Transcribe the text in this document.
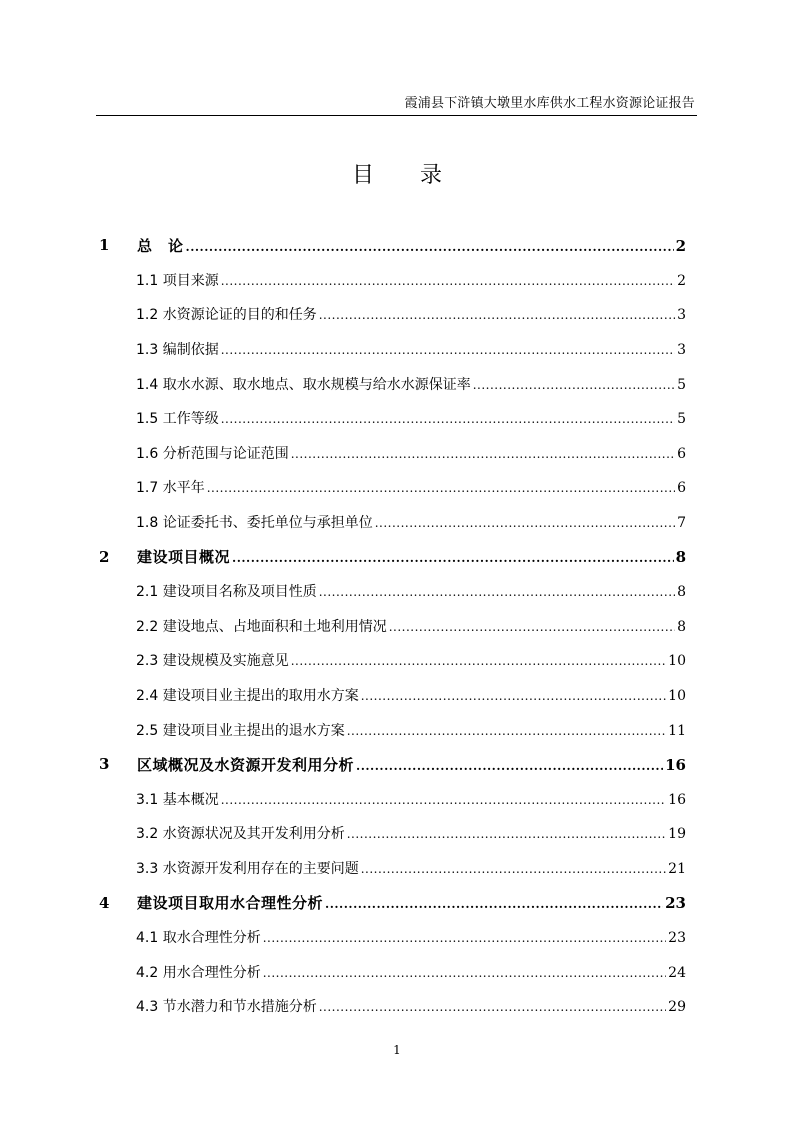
霞浦县下浒镇大墩里水库供水工程水资源论证报告
目录
1	总　论 .....	2
1.1 项目来源 .....	2
1.2 水资源论证的目的和任务 .....	3
1.3 编制依据 .....	3
1.4 取水水源、取水地点、取水规模与给水水源保证率 .....	5
1.5 工作等级 .....	5
1.6 分析范围与论证范围 .....	6
1.7 水平年 .....	6
1.8 论证委托书、委托单位与承担单位 .....	7
2	建设项目概况 .....	8
2.1 建设项目名称及项目性质 .....	8
2.2 建设地点、占地面积和土地利用情况 .....	8
2.3 建设规模及实施意见 .....	10
2.4 建设项目业主提出的取用水方案 .....	10
2.5 建设项目业主提出的退水方案 .....	11
3	区域概况及水资源开发利用分析 .....	16
3.1 基本概况 .....	16
3.2 水资源状况及其开发利用分析 .....	19
3.3 水资源开发利用存在的主要问题 .....	21
4	建设项目取用水合理性分析 .....	23
4.1 取水合理性分析 .....	23
4.2 用水合理性分析 .....	24
4.3 节水潜力和节水措施分析 .....	29
1
